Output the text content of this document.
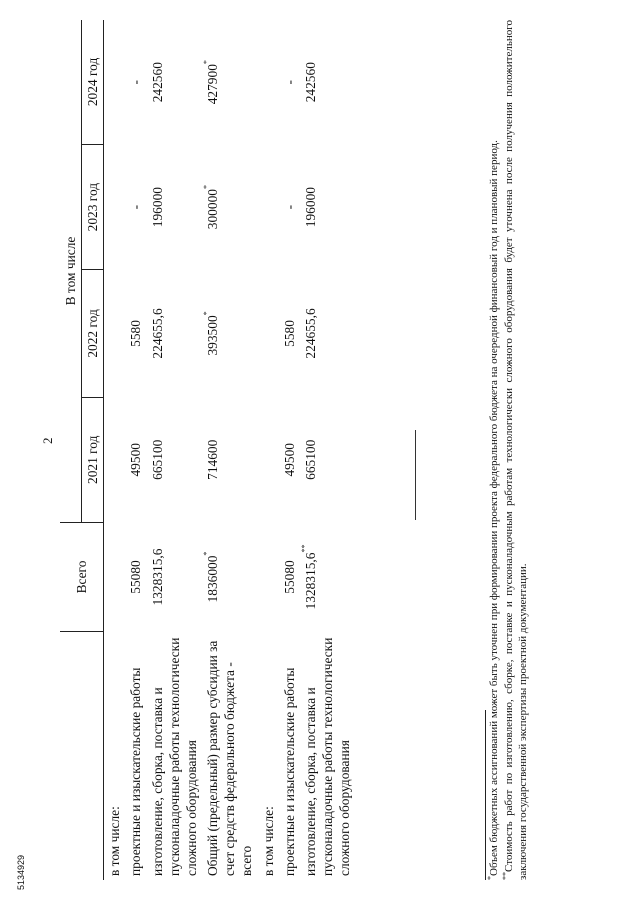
2
	Всего	В том числе			
		2021 год	2022 год	2023 год	2024 год
в том числе:					
проектные и изыскательские работы	55080	49500	5580	-	-
изготовление, сборка, поставка и пусконаладочные работы технологически сложного оборудования	1328315,6	665100	224655,6	196000	242560
Общий (предельный) размер субсидии за счет средств федерального бюджета - всего	1836000*	714600	393500*	300000*	427900*
в том числе:					
проектные и изыскательские работы	55080	49500	5580	-	-
изготовление, сборка, поставка и пусконаладочные работы технологически сложного оборудования	1328315,6**	665100	224655,6	196000	242560

*Объем бюджетных ассигнований может быть уточнен при формировании проекта федерального бюджета на очередной финансовый год и плановый период. **Стоимость работ по изготовлению, сборке, поставке и пусконаладочным работам технологически сложного оборудования будет уточнена после получения положительного заключения государственной экспертизы проектной документации.

5134929
